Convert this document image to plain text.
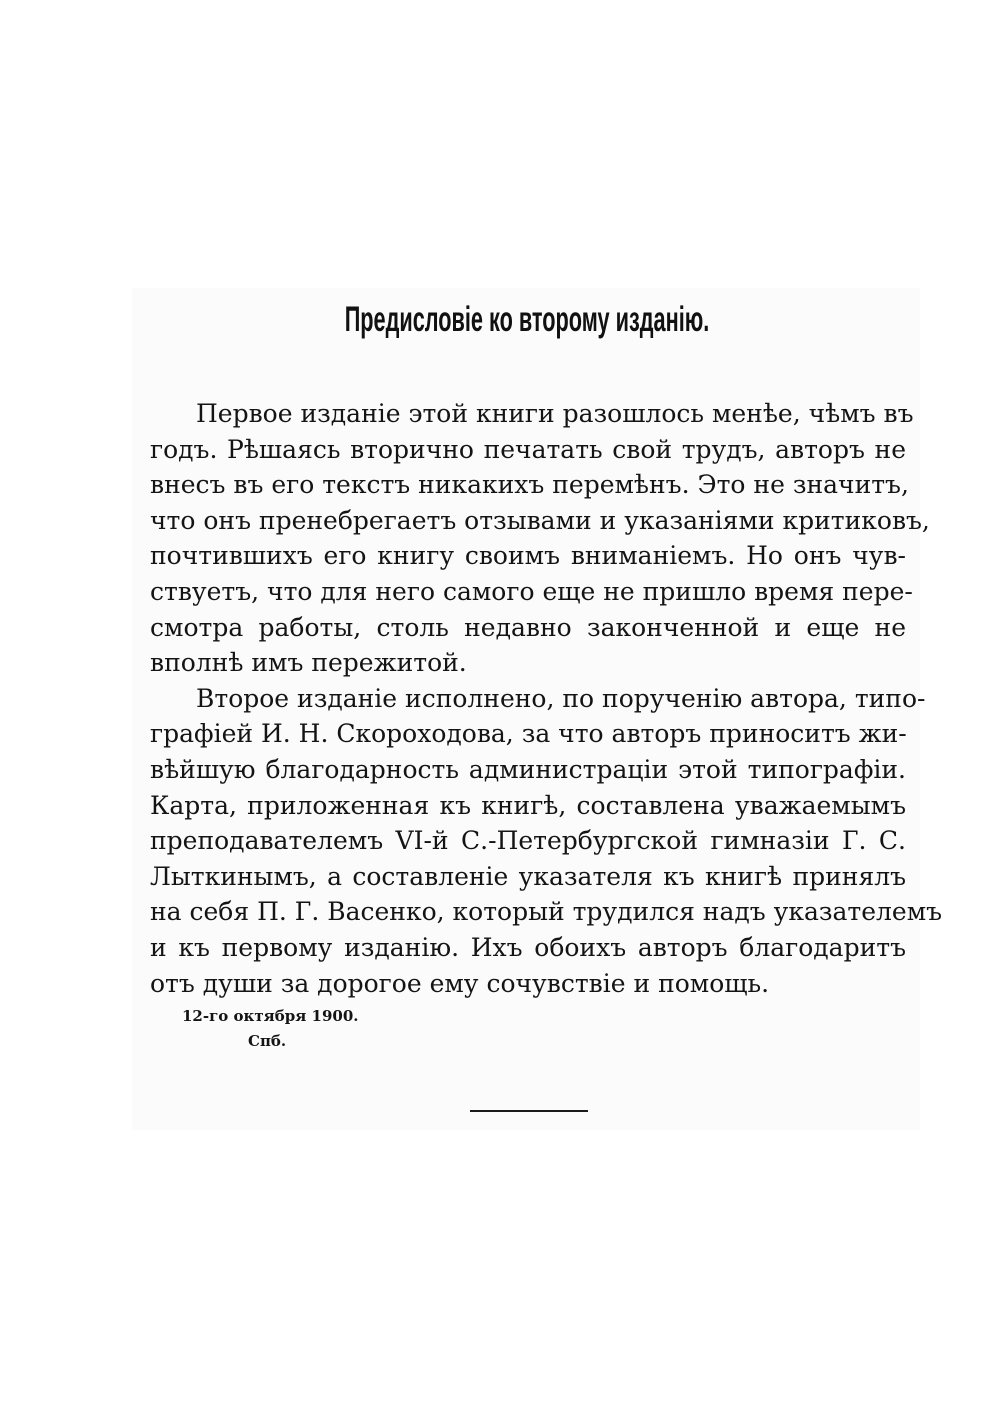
Предисловіе ко второму изданію.
Первое изданіе этой книги разошлось менѣе, чѣмъ въ
годъ. Рѣшаясь вторично печатать свой трудъ, авторъ не
внесъ въ его текстъ никакихъ перемѣнъ. Это не значитъ,
что онъ пренебрегаетъ отзывами и указаніями критиковъ,
почтившихъ его книгу своимъ вниманіемъ. Но онъ чув-
ствуетъ, что для него самого еще не пришло время пере-
смотра работы, столь недавно законченной и еще не
вполнѣ имъ пережитой.
Второе изданіе исполнено, по порученію автора, типо-
графіей И. Н. Скороходова, за что авторъ приноситъ жи-
вѣйшую благодарность администраціи этой типографіи.
Карта, приложенная къ книгѣ, составлена уважаемымъ
преподавателемъ VI-й С.-Петербургской гимназіи Г. С.
Лыткинымъ, а составленіе указателя къ книгѣ принялъ
на себя П. Г. Васенко, который трудился надъ указателемъ
и къ первому изданію. Ихъ обоихъ авторъ благодаритъ
отъ души за дорогое ему сочувствіе и помощь.
12-го октября 1900.
Спб.
